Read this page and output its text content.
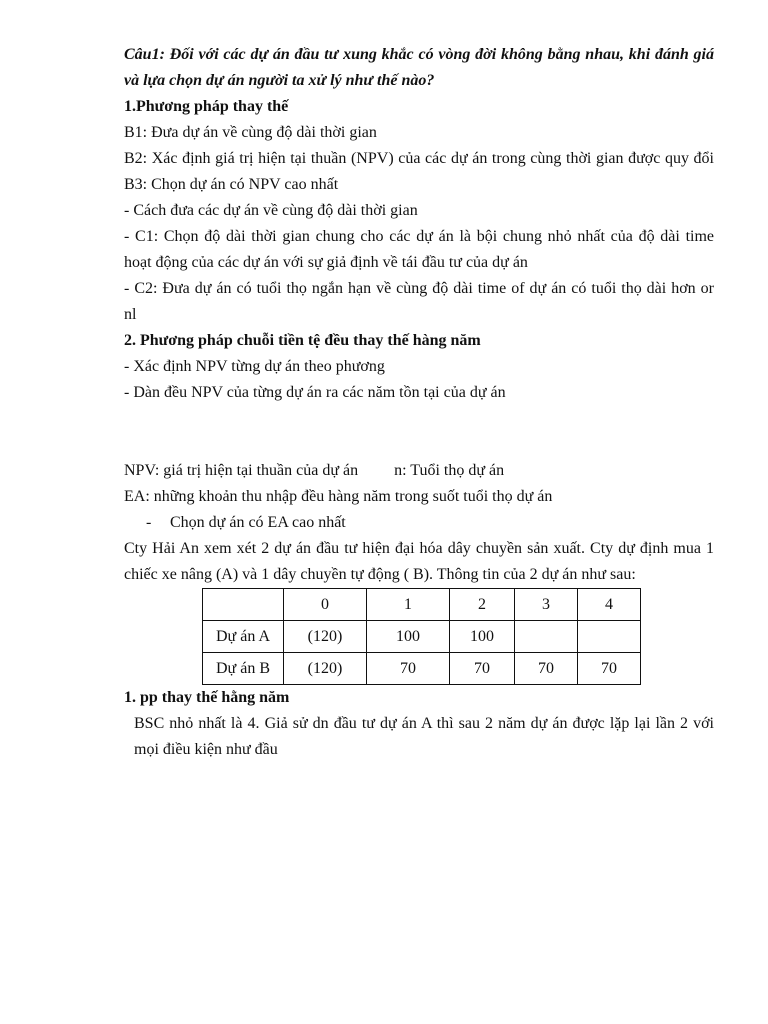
Câu1: Đối với các dự án đầu tư xung khắc có vòng đời không bằng nhau, khi đánh giá
và lựa chọn dự án người ta xử lý như thế nào?
1.Phương pháp thay thế
B1: Đưa dự án về cùng độ dài thời gian
B2: Xác định giá trị hiện tại thuần (NPV) của các dự án trong cùng thời gian được quy đổi
B3: Chọn dự án có NPV cao nhất
- Cách đưa các dự án về cùng độ dài thời gian
- C1: Chọn độ dài thời gian chung cho các dự án là bội chung nhỏ nhất của độ dài time
hoạt động của các dự án với sự giả định về tái đầu tư của dự án
- C2: Đưa dự án có tuổi thọ ngắn hạn về cùng độ dài time of dự án có tuổi thọ dài hơn or
nl
2. Phương pháp chuỗi tiền tệ đều thay thế hàng năm
- Xác định NPV từng dự án theo phương
- Dàn đều NPV của từng dự án ra các năm tồn tại của dự án
NPV: giá trị hiện tại thuần của dự án n: Tuổi thọ dự án
EA: những khoản thu nhập đều hàng năm trong suốt tuổi thọ dự án
- Chọn dự án có EA cao nhất
Cty Hải An xem xét 2 dự án đầu tư hiện đại hóa dây chuyền sản xuất. Cty dự định mua 1
chiếc xe nâng (A) và 1 dây chuyền tự động ( B). Thông tin của 2 dự án như sau:
	0	1	2	3	4
Dự án A	(120)	100	100		
Dự án B	(120)	70	70	70	70
1. pp thay thế hằng năm
BSC nhỏ nhất là 4. Giả sử dn đầu tư dự án A thì sau 2 năm dự án được lặp lại lần 2 với
mọi điều kiện như đầu
